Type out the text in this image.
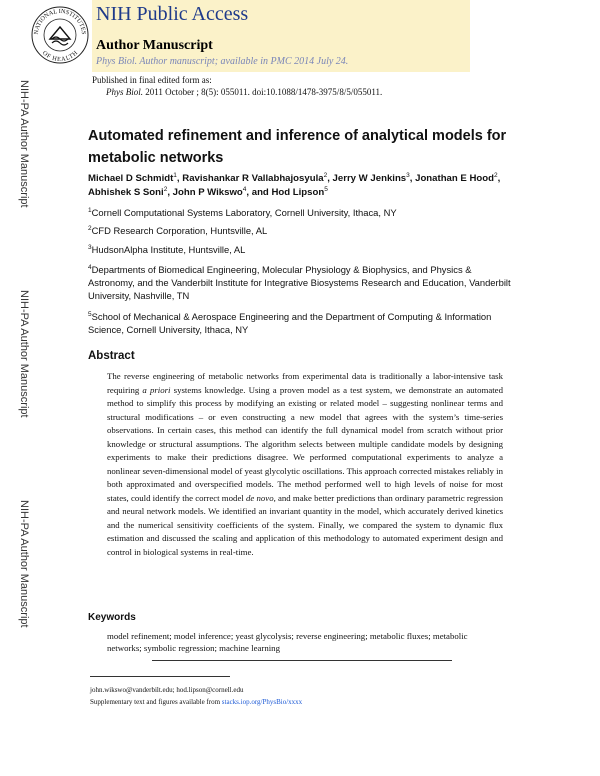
NATIONAL INSTITUTES
OF HEALTH
NIH Public Access
Author Manuscript
Phys Biol. Author manuscript; available in PMC 2014 July 24.
Published in final edited form as:
Phys Biol. 2011 October ; 8(5): 055011. doi:10.1088/1478-3975/8/5/055011.
NIH-PA Author Manuscript
NIH-PA Author Manuscript
NIH-PA Author Manuscript
Automated refinement and inference of analytical models for metabolic networks
Michael D Schmidt$^1$, Ravishankar R Vallabhajosyula$^2$, Jerry W Jenkins$^3$, Jonathan E Hood$^2$, Abhishek S Soni$^2$, John P Wikswo$^4$, and Hod Lipson$^5$
$^1$Cornell Computational Systems Laboratory, Cornell University, Ithaca, NY
$^2$CFD Research Corporation, Huntsville, AL
$^3$HudsonAlpha Institute, Huntsville, AL
$^4$Departments of Biomedical Engineering, Molecular Physiology & Biophysics, and Physics & Astronomy, and the Vanderbilt Institute for Integrative Biosystems Research and Education, Vanderbilt University, Nashville, TN
$^5$School of Mechanical & Aerospace Engineering and the Department of Computing & Information Science, Cornell University, Ithaca, NY
Abstract
The reverse engineering of metabolic networks from experimental data is traditionally a labor-intensive task requiring a priori systems knowledge. Using a proven model as a test system, we demonstrate an automated method to simplify this process by modifying an existing or related model – suggesting nonlinear terms and structural modifications – or even constructing a new model that agrees with the system’s time-series observations. In certain cases, this method can identify the full dynamical model from scratch without prior knowledge or structural assumptions. The algorithm selects between multiple candidate models by designing experiments to make their predictions disagree. We performed computational experiments to analyze a nonlinear seven-dimensional model of yeast glycolytic oscillations. This approach corrected mistakes reliably in both approximated and overspecified models. The method performed well to high levels of noise for most states, could identify the correct model de novo, and make better predictions than ordinary parametric regression and neural network models. We identified an invariant quantity in the model, which accurately derived kinetics and the numerical sensitivity coefficients of the system. Finally, we compared the system to dynamic flux estimation and discussed the scaling and application of this methodology to automated experiment design and control in biological systems in real-time.
Keywords
model refinement; model inference; yeast glycolysis; reverse engineering; metabolic fluxes; metabolic networks; symbolic regression; machine learning
john.wikswo@vanderbilt.edu; hod.lipson@cornell.edu
Supplementary text and figures available from stacks.iop.org/PhysBio/xxxx
